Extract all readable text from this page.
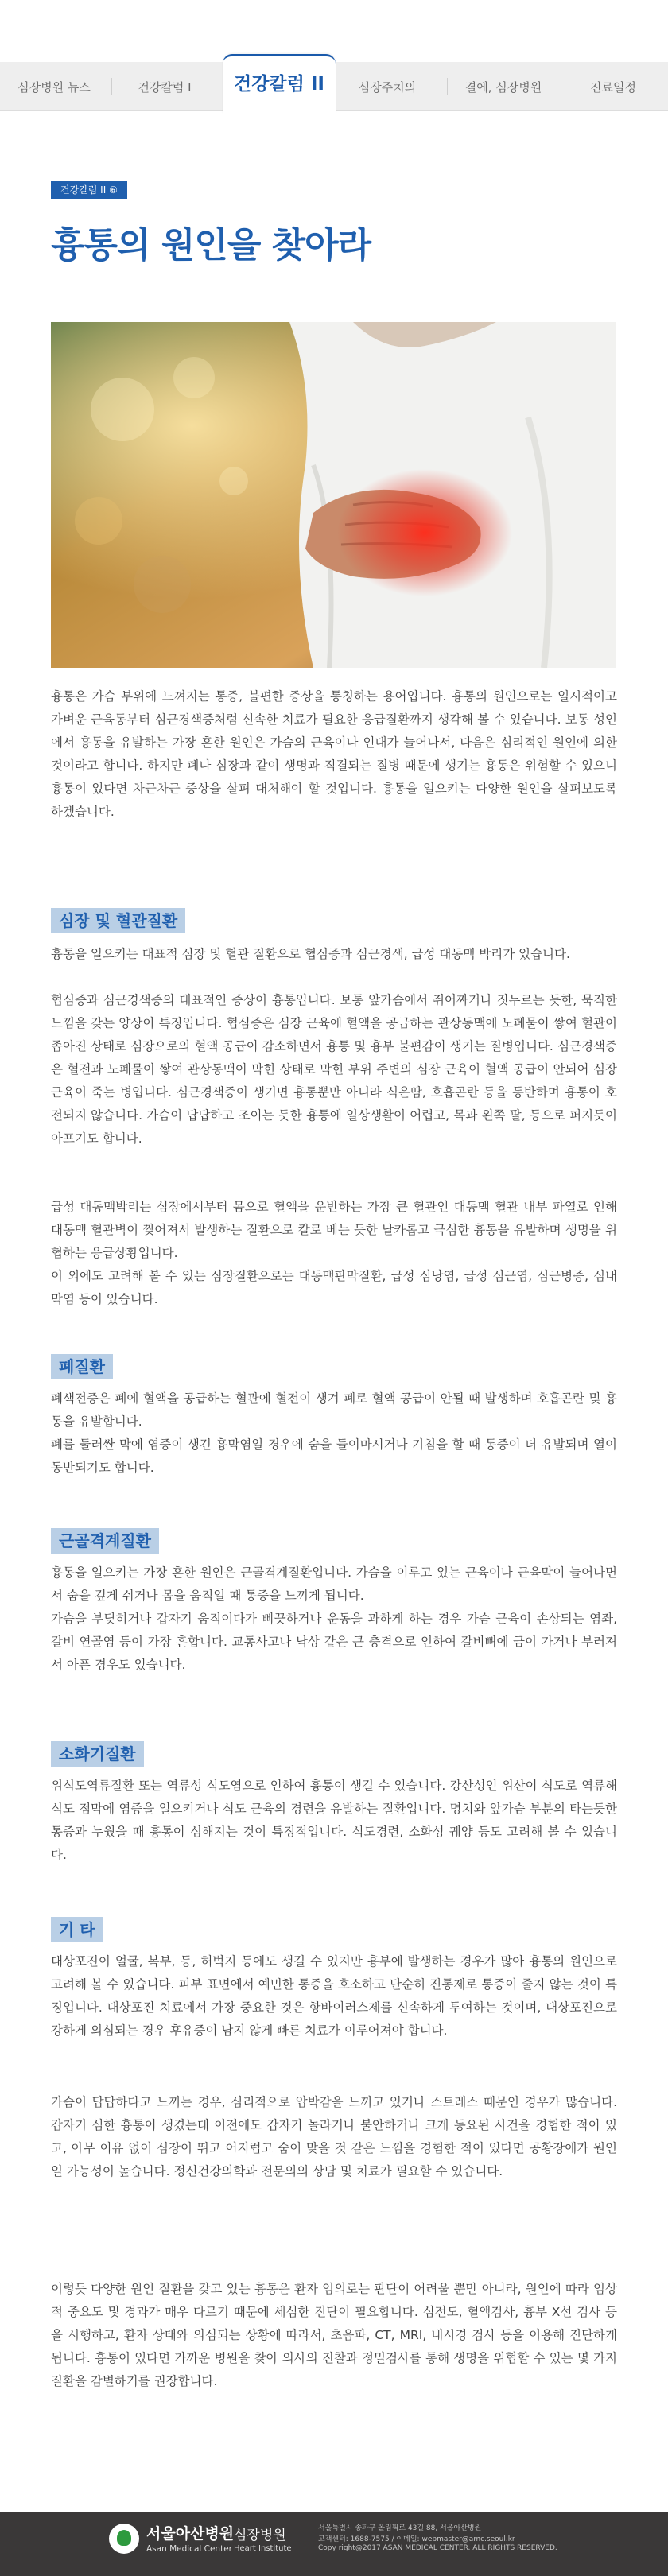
심장병원 뉴스	건강칼럼 I	건강칼럼 II	심장주치의	결에, 심장병원	진료일정
건강칼럼 II ⑥
흉통의 원인을 찾아라

흉통은 가슴 부위에 느껴지는 통증, 불편한 증상을 통칭하는 용어입니다. 흉통의 원인으로는 일시적이고 가벼운 근육통부터 심근경색증처럼 신속한 치료가 필요한 응급질환까지 생각해 볼 수 있습니다. 보통 성인에서 흉통을 유발하는 가장 흔한 원인은 가슴의 근육이나 인대가 늘어나서, 다음은 심리적인 원인에 의한 것이라고 합니다. 하지만 폐나 심장과 같이 생명과 직결되는 질병 때문에 생기는 흉통은 위험할 수 있으니 흉통이 있다면 차근차근 증상을 살펴 대처해야 할 것입니다. 흉통을 일으키는 다양한 원인을 살펴보도록 하겠습니다.

심장 및 혈관질환

흉통을 일으키는 대표적 심장 및 혈관 질환으로 협심증과 심근경색, 급성 대동맥 박리가 있습니다.

협심증과 심근경색증의 대표적인 증상이 흉통입니다. 보통 앞가슴에서 쥐어짜거나 짓누르는 듯한, 묵직한 느낌을 갖는 양상이 특징입니다. 협심증은 심장 근육에 혈액을 공급하는 관상동맥에 노폐물이 쌓여 혈관이 좁아진 상태로 심장으로의 혈액 공급이 감소하면서 흉통 및 흉부 불편감이 생기는 질병입니다. 심근경색증은 혈전과 노폐물이 쌓여 관상동맥이 막힌 상태로 막힌 부위 주변의 심장 근육이 혈액 공급이 안되어 심장 근육이 죽는 병입니다. 심근경색증이 생기면 흉통뿐만 아니라 식은땀, 호흡곤란 등을 동반하며 흉통이 호전되지 않습니다. 가슴이 답답하고 조이는 듯한 흉통에 일상생활이 어렵고, 목과 왼쪽 팔, 등으로 퍼지듯이 아프기도 합니다.

급성 대동맥박리는 심장에서부터 몸으로 혈액을 운반하는 가장 큰 혈관인 대동맥 혈관 내부 파열로 인해 대동맥 혈관벽이 찢어져서 발생하는 질환으로 칼로 베는 듯한 날카롭고 극심한 흉통을 유발하며 생명을 위협하는 응급상황입니다.

이 외에도 고려해 볼 수 있는 심장질환으로는 대동맥판막질환, 급성 심낭염, 급성 심근염, 심근병증, 심내막염 등이 있습니다.

폐질환

폐색전증은 폐에 혈액을 공급하는 혈관에 혈전이 생겨 폐로 혈액 공급이 안될 때 발생하며 호흡곤란 및 흉통을 유발합니다.

폐를 둘러싼 막에 염증이 생긴 흉막염일 경우에 숨을 들이마시거나 기침을 할 때 통증이 더 유발되며 열이 동반되기도 합니다.

근골격계질환

흉통을 일으키는 가장 흔한 원인은 근골격계질환입니다. 가슴을 이루고 있는 근육이나 근육막이 늘어나면서 숨을 깊게 쉬거나 몸을 움직일 때 통증을 느끼게 됩니다.

가슴을 부딪히거나 갑자기 움직이다가 삐끗하거나 운동을 과하게 하는 경우 가슴 근육이 손상되는 염좌, 갈비 연골염 등이 가장 흔합니다. 교통사고나 낙상 같은 큰 충격으로 인하여 갈비뼈에 금이 가거나 부러져서 아픈 경우도 있습니다.

소화기질환

위식도역류질환 또는 역류성 식도염으로 인하여 흉통이 생길 수 있습니다. 강산성인 위산이 식도로 역류해 식도 점막에 염증을 일으키거나 식도 근육의 경련을 유발하는 질환입니다. 명치와 앞가슴 부분의 타는듯한 통증과 누웠을 때 흉통이 심해지는 것이 특징적입니다. 식도경련, 소화성 궤양 등도 고려해 볼 수 있습니다.

기 타

대상포진이 얼굴, 복부, 등, 허벅지 등에도 생길 수 있지만 흉부에 발생하는 경우가 많아 흉통의 원인으로 고려해 볼 수 있습니다. 피부 표면에서 예민한 통증을 호소하고 단순히 진통제로 통증이 줄지 않는 것이 특징입니다. 대상포진 치료에서 가장 중요한 것은 항바이러스제를 신속하게 투여하는 것이며, 대상포진으로 강하게 의심되는 경우 후유증이 남지 않게 빠른 치료가 이루어져야 합니다.

가슴이 답답하다고 느끼는 경우, 심리적으로 압박감을 느끼고 있거나 스트레스 때문인 경우가 많습니다. 갑자기 심한 흉통이 생겼는데 이전에도 갑자기 놀라거나 불안하거나 크게 동요된 사건을 경험한 적이 있고, 아무 이유 없이 심장이 뛰고 어지럽고 숨이 맞을 것 같은 느낌을 경험한 적이 있다면 공황장애가 원인일 가능성이 높습니다. 정신건강의학과 전문의의 상담 및 치료가 필요할 수 있습니다.

이렇듯 다양한 원인 질환을 갖고 있는 흉통은 환자 임의로는 판단이 어려울 뿐만 아니라, 원인에 따라 임상적 중요도 및 경과가 매우 다르기 때문에 세심한 진단이 필요합니다. 심전도, 혈액검사, 흉부 X선 검사 등을 시행하고, 환자 상태와 의심되는 상황에 따라서, 초음파, CT, MRI, 내시경 검사 등을 이용해 진단하게 됩니다. 흉통이 있다면 가까운 병원을 찾아 의사의 진찰과 정밀검사를 통해 생명을 위협할 수 있는 몇 가지 질환을 감별하기를 권장합니다.

서울아산병원 심장병원
Asan Medical Center Heart Institute
서울특별시 송파구 올림픽로 43길 88, 서울아산병원
고객센터: 1688-7575 / 이메일: webmaster@amc.seoul.kr
Copy right@2017 ASAN MEDICAL CENTER. ALL RIGHTS RESERVED.
